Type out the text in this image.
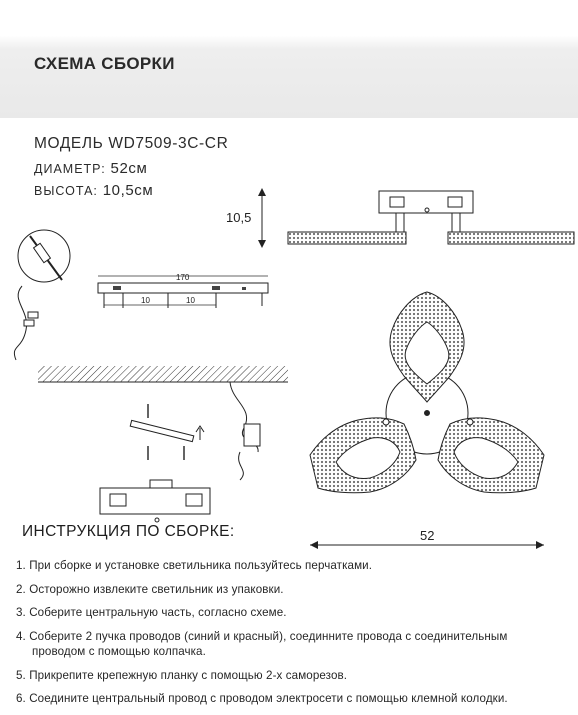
СХЕМА СБОРКИ
МОДЕЛЬ WD7509-3C-CR
ДИАМЕТР: 52см
ВЫСОТА: 10,5см
10,5
170
10	10
52
ИНСТРУКЦИЯ ПО СБОРКЕ:
1. При сборке и установке светильника пользуйтесь перчатками.
2. Осторожно извлеките светильник из упаковки.
3. Соберите центральную часть, согласно схеме.
4. Соберите 2 пучка проводов (синий и красный), соединните провода с соединительным
проводом с помощью колпачка.
5. Прикрепите крепежную планку с помощью 2-х саморезов.
6. Соедините центральный провод с проводом электросети с помощью клемной колодки.
